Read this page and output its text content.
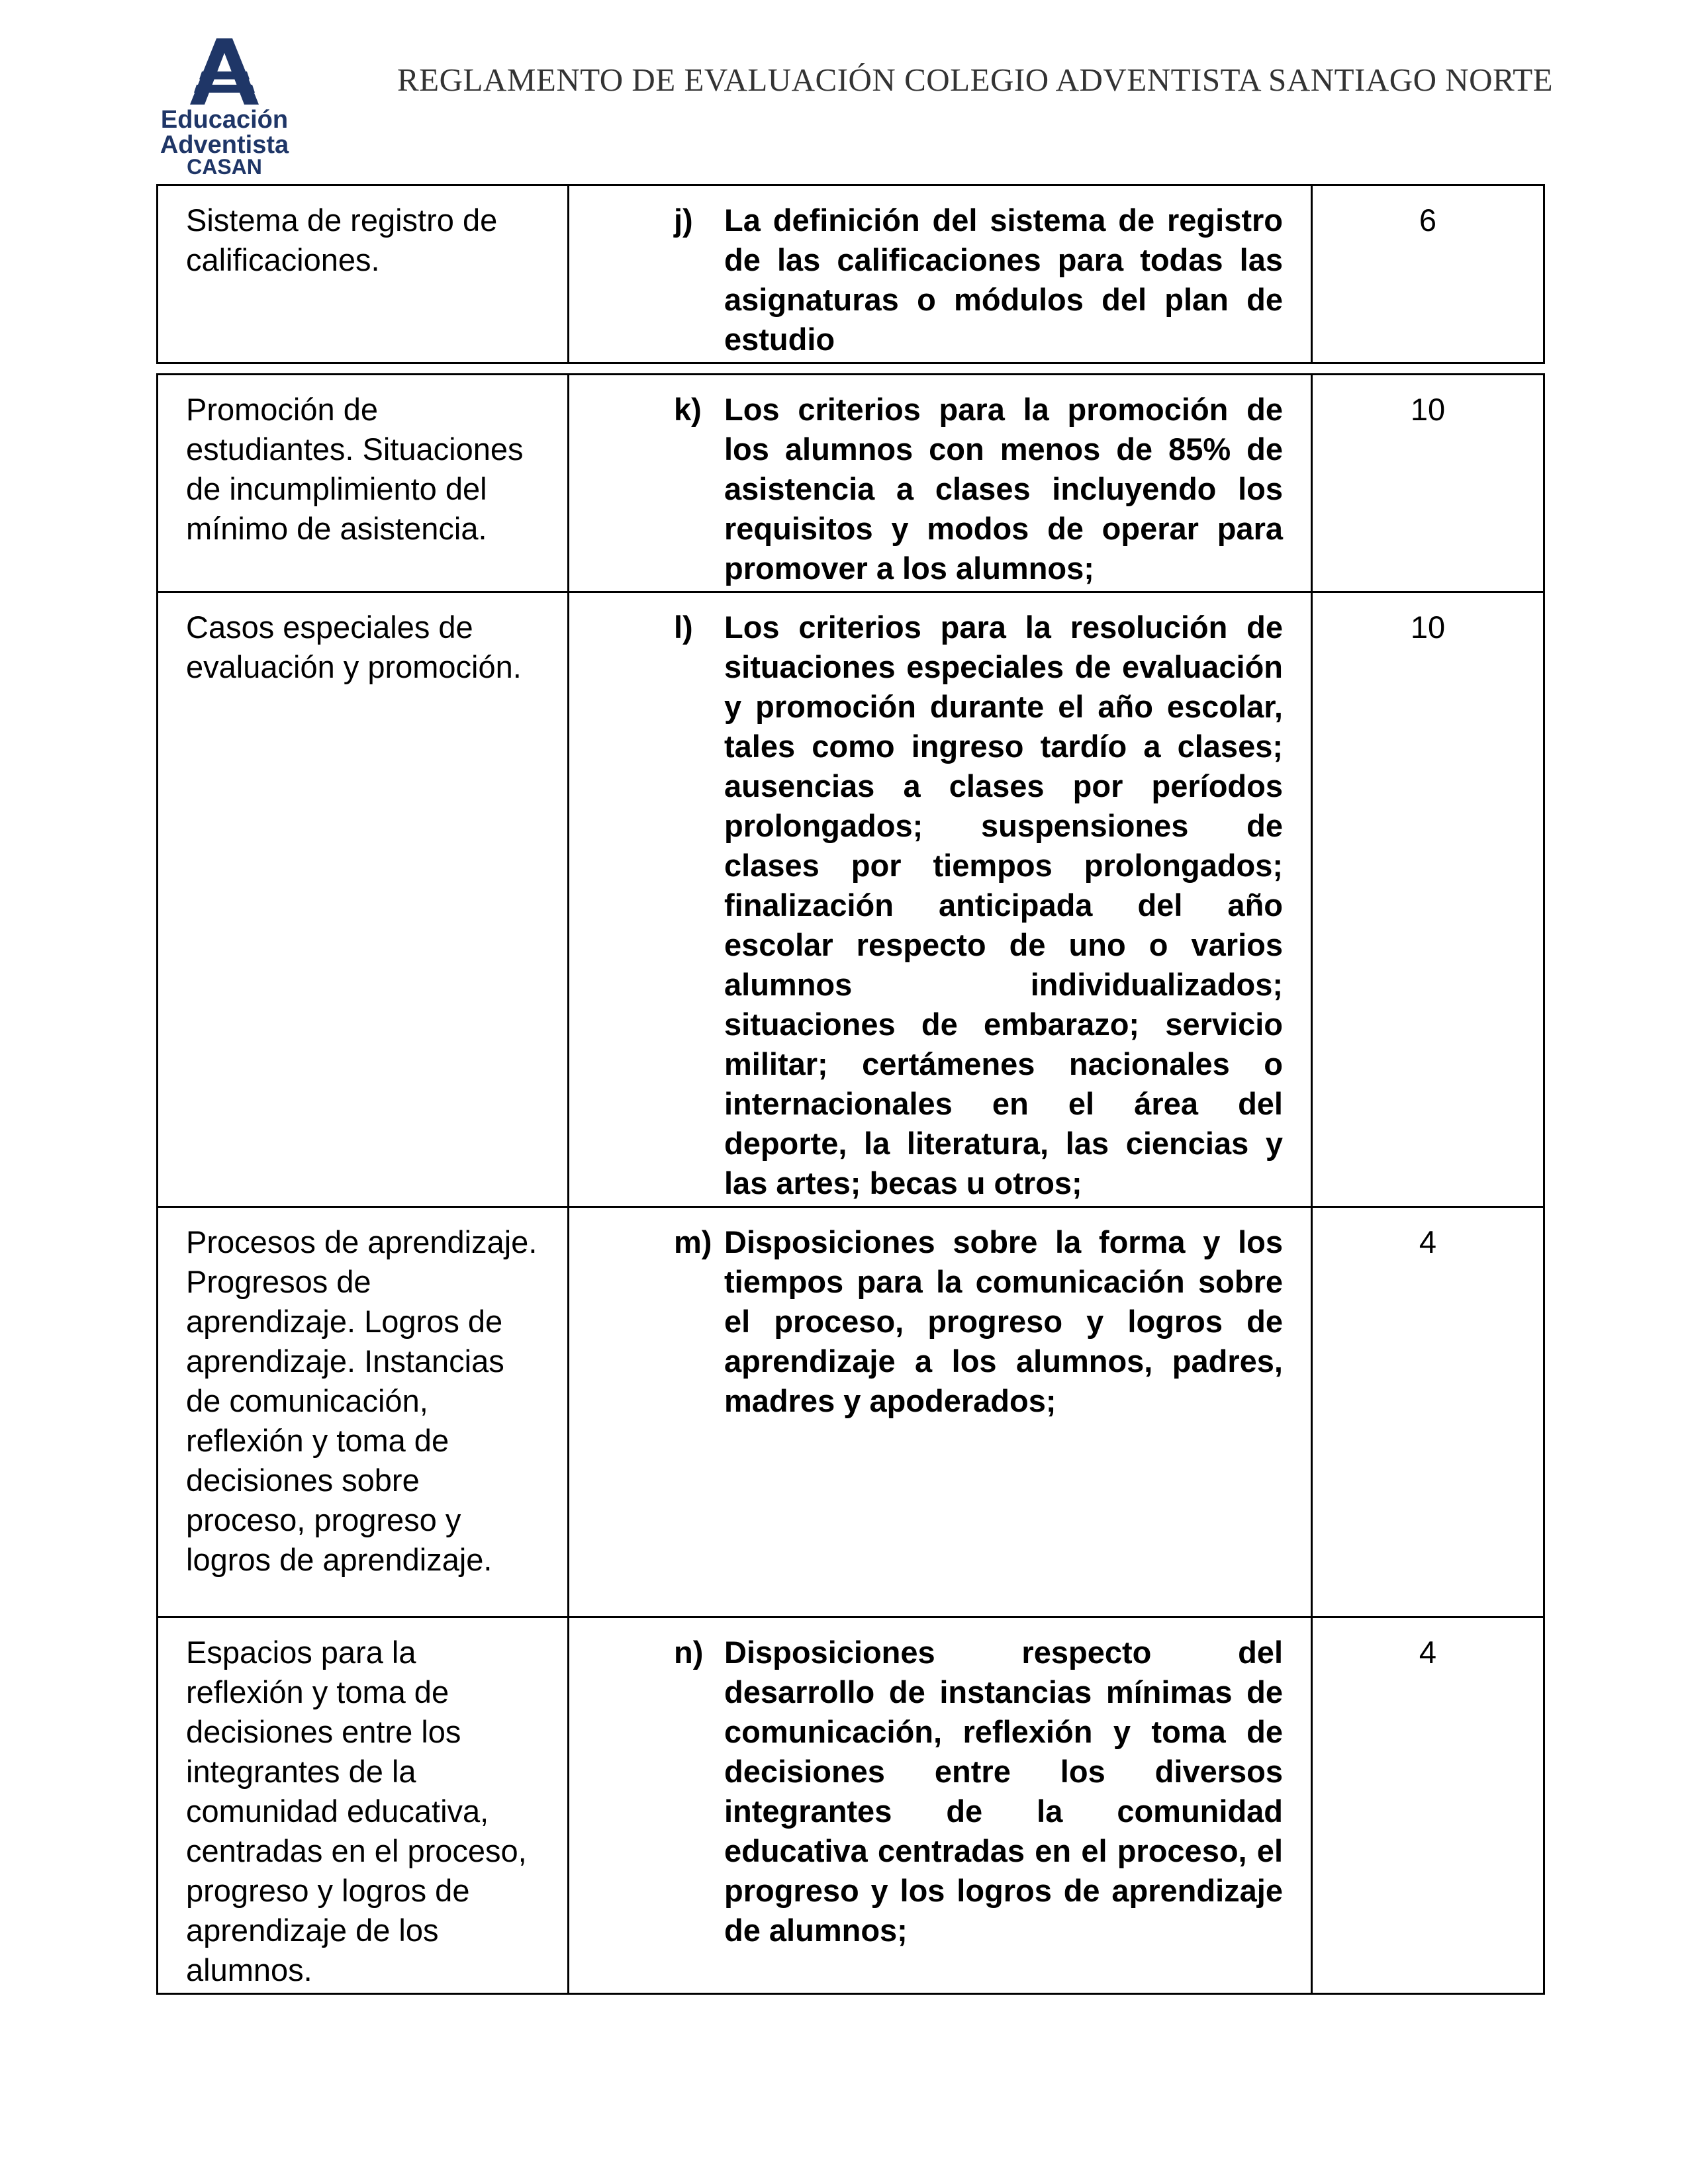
Educación
Adventista
CASAN
REGLAMENTO DE EVALUACIÓN COLEGIO ADVENTISTA SANTIAGO NORTE
Sistema de registro de calificaciones.	j) La definición del sistema de registro de las calificaciones para todas las asignaturas o módulos del plan de estudio	6

Promoción de estudiantes. Situaciones de incumplimiento del mínimo de asistencia.	k) Los criterios para la promoción de los alumnos con menos de 85% de asistencia a clases incluyendo los requisitos y modos de operar para promover a los alumnos;	10
Casos especiales de evaluación y promoción.	l) Los criterios para la resolución de situaciones especiales de evaluación y promoción durante el año escolar, tales como ingreso tardío a clases; ausencias a clases por períodos prolongados; suspensiones de clases por tiempos prolongados; finalización anticipada del año escolar respecto de uno o varios alumnos individualizados; situaciones de embarazo; servicio militar; certámenes nacionales o internacionales en el área del deporte, la literatura, las ciencias y las artes; becas u otros;	10
Procesos de aprendizaje. Progresos de aprendizaje. Logros de aprendizaje. Instancias de comunicación, reflexión y toma de decisiones sobre proceso, progreso y logros de aprendizaje.	m) Disposiciones sobre la forma y los tiempos para la comunicación sobre el proceso, progreso y logros de aprendizaje a los alumnos, padres, madres y apoderados;	4
Espacios para la reflexión y toma de decisiones entre los integrantes de la comunidad educativa, centradas en el proceso, progreso y logros de aprendizaje de los alumnos.	n) Disposiciones respecto del desarrollo de instancias mínimas de comunicación, reflexión y toma de decisiones entre los diversos integrantes de la comunidad educativa centradas en el proceso, el progreso y los logros de aprendizaje de alumnos;	4
